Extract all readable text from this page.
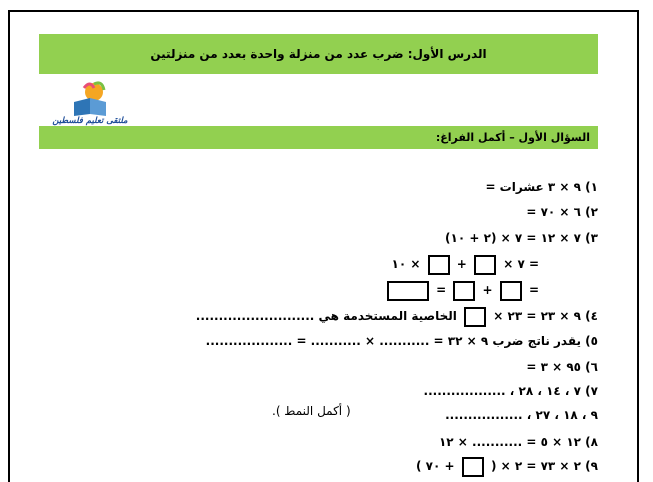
الدرس الأول: ضرب عدد من منزلة واحدة بعدد من منزلتين
ملتقى تعليم فلسطين
السؤال الأول – أكمل الفراغ:
١) ٩ × ٣ عشرات =
٢) ٦ × ٧٠ =
٣) ٧ × ١٢ = ٧ × (٢ + ١٠)
= ٧ ×  +  × ١٠
=  +  =
٤) ٩ × ٢٣ = ٢٣ ×  الخاصية المستخدمة هي ..........................
٥) يقدر ناتج ضرب ٩ × ٣٢ = ........... × ........... = ...................
٦) ٩٥ × ٣ =
٧) ٧ ، ١٤ ، ٢٨ ، ..................
٩ ، ١٨ ، ٢٧ ، .................
( أكمل النمط ).
٨) ١٢ × ٥ = ........... × ١٢
٩) ٢ × ٧٣ = ٢ × (  + ٧٠ )
